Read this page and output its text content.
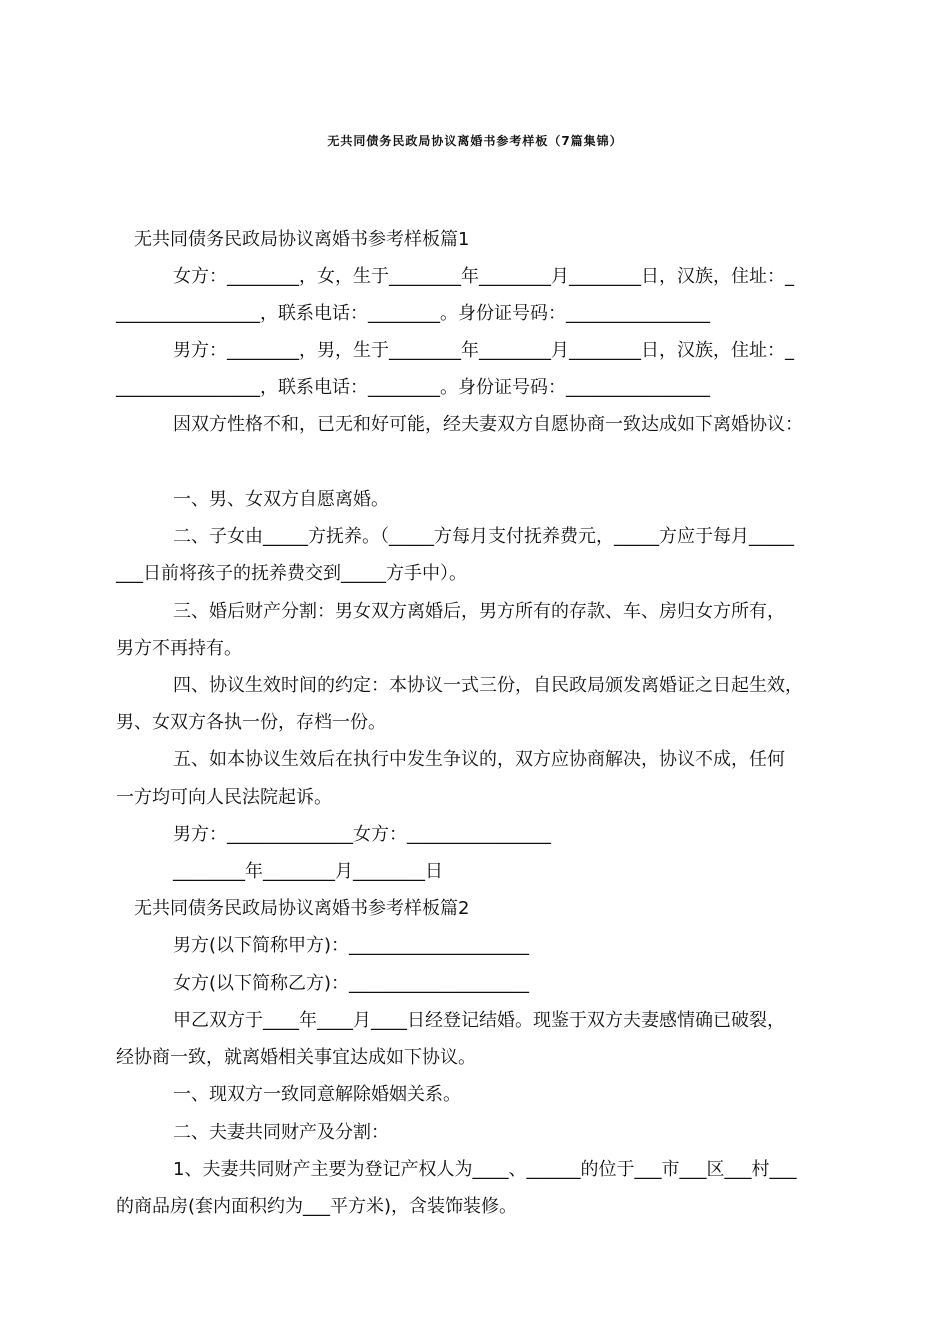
无共同债务民政局协议离婚书参考样板（7篇集锦）
无共同债务民政局协议离婚书参考样板篇1
女方：________，女，生于________年________月________日，汉族，住址：_
________________，联系电话：________。身份证号码：________________
男方：________，男，生于________年________月________日，汉族，住址：_
________________，联系电话：________。身份证号码：________________
因双方性格不和，已无和好可能，经夫妻双方自愿协商一致达成如下离婚协议：
一、男、女双方自愿离婚。
二、子女由_____方抚养。（_____方每月支付抚养费元，_____方应于每月_____
___日前将孩子的抚养费交到_____方手中）。
三、婚后财产分割：男女双方离婚后，男方所有的存款、车、房归女方所有，
男方不再持有。
四、协议生效时间的约定：本协议一式三份，自民政局颁发离婚证之日起生效，
男、女双方各执一份，存档一份。
五、如本协议生效后在执行中发生争议的，双方应协商解决，协议不成，任何
一方均可向人民法院起诉。
男方：______________女方：________________
________年________月________日
无共同债务民政局协议离婚书参考样板篇2
男方(以下简称甲方)：____________________
女方(以下简称乙方)：____________________
甲乙双方于____年____月____日经登记结婚。现鉴于双方夫妻感情确已破裂，
经协商一致，就离婚相关事宜达成如下协议。
一、现双方一致同意解除婚姻关系。
二、夫妻共同财产及分割：
1、夫妻共同财产主要为登记产权人为____、______的位于___市___区___村___
的商品房(套内面积约为___平方米)，含装饰装修。
